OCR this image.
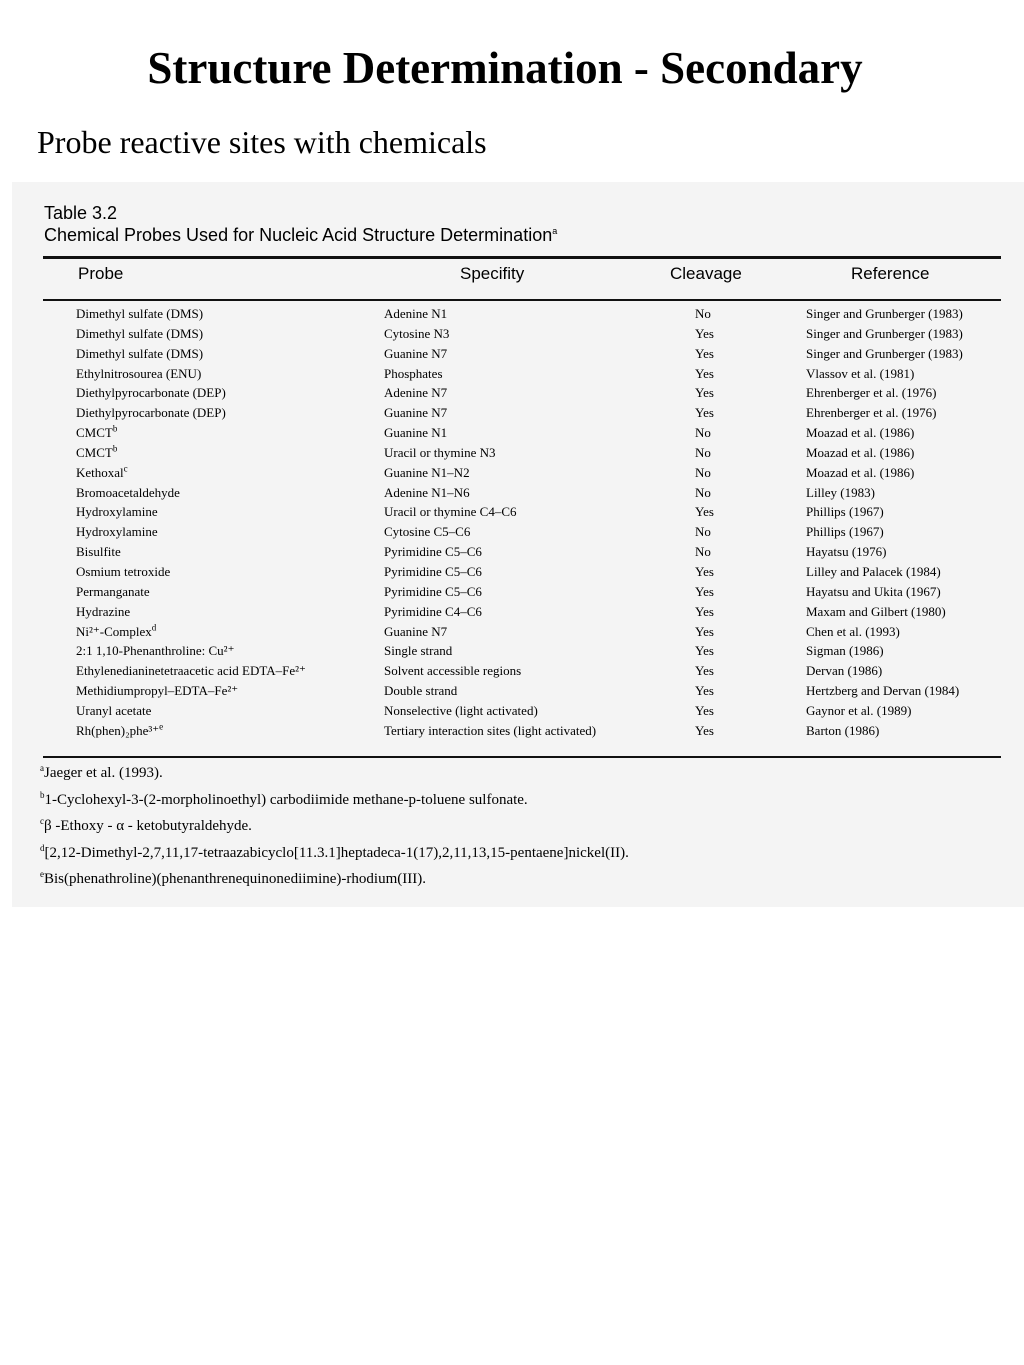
Structure Determination - Secondary
Probe reactive sites with chemicals
Table 3.2
Chemical Probes Used for Nucleic Acid Structure Determination$^a$
Probe	Specifity	Cleavage	Reference
Dimethyl sulfate (DMS)	Adenine N1	No	Singer and Grunberger (1983)
Dimethyl sulfate (DMS)	Cytosine N3	Yes	Singer and Grunberger (1983)
Dimethyl sulfate (DMS)	Guanine N7	Yes	Singer and Grunberger (1983)
Ethylnitrosourea (ENU)	Phosphates	Yes	Vlassov et al. (1981)
Diethylpyrocarbonate (DEP)	Adenine N7	Yes	Ehrenberger et al. (1976)
Diethylpyrocarbonate (DEP)	Guanine N7	Yes	Ehrenberger et al. (1976)
CMCT$^b$	Guanine N1	No	Moazad et al. (1986)
CMCT$^b$	Uracil or thymine N3	No	Moazad et al. (1986)
Kethoxal$^c$	Guanine N1–N2	No	Moazad et al. (1986)
Bromoacetaldehyde	Adenine N1–N6	No	Lilley (1983)
Hydroxylamine	Uracil or thymine C4–C6	Yes	Phillips (1967)
Hydroxylamine	Cytosine C5–C6	No	Phillips (1967)
Bisulfite	Pyrimidine C5–C6	No	Hayatsu (1976)
Osmium tetroxide	Pyrimidine C5–C6	Yes	Lilley and Palacek (1984)
Permanganate	Pyrimidine C5–C6	Yes	Hayatsu and Ukita (1967)
Hydrazine	Pyrimidine C4–C6	Yes	Maxam and Gilbert (1980)
Ni²⁺-Complex$^d$	Guanine N7	Yes	Chen et al. (1993)
2:1 1,10-Phenanthroline: Cu²⁺	Single strand	Yes	Sigman (1986)
Ethylenedianinetetraacetic acid EDTA–Fe²⁺	Solvent accessible regions	Yes	Dervan (1986)
Methidiumpropyl–EDTA–Fe²⁺	Double strand	Yes	Hertzberg and Dervan (1984)
Uranyl acetate	Nonselective (light activated)	Yes	Gaynor et al. (1989)
Rh(phen)₂phe³⁺$^e$	Tertiary interaction sites (light activated)	Yes	Barton (1986)
$^a$Jaeger et al. (1993).
$^b$1-Cyclohexyl-3-(2-morpholinoethyl) carbodiimide methane-p-toluene sulfonate.
$^c$β -Ethoxy - α - ketobutyraldehyde.
$^d$[2,12-Dimethyl-2,7,11,17-tetraazabicyclo[11.3.1]heptadeca-1(17),2,11,13,15-pentaene]nickel(II).
$^e$Bis(phenathroline)(phenanthrenequinonediimine)-rhodium(III).
